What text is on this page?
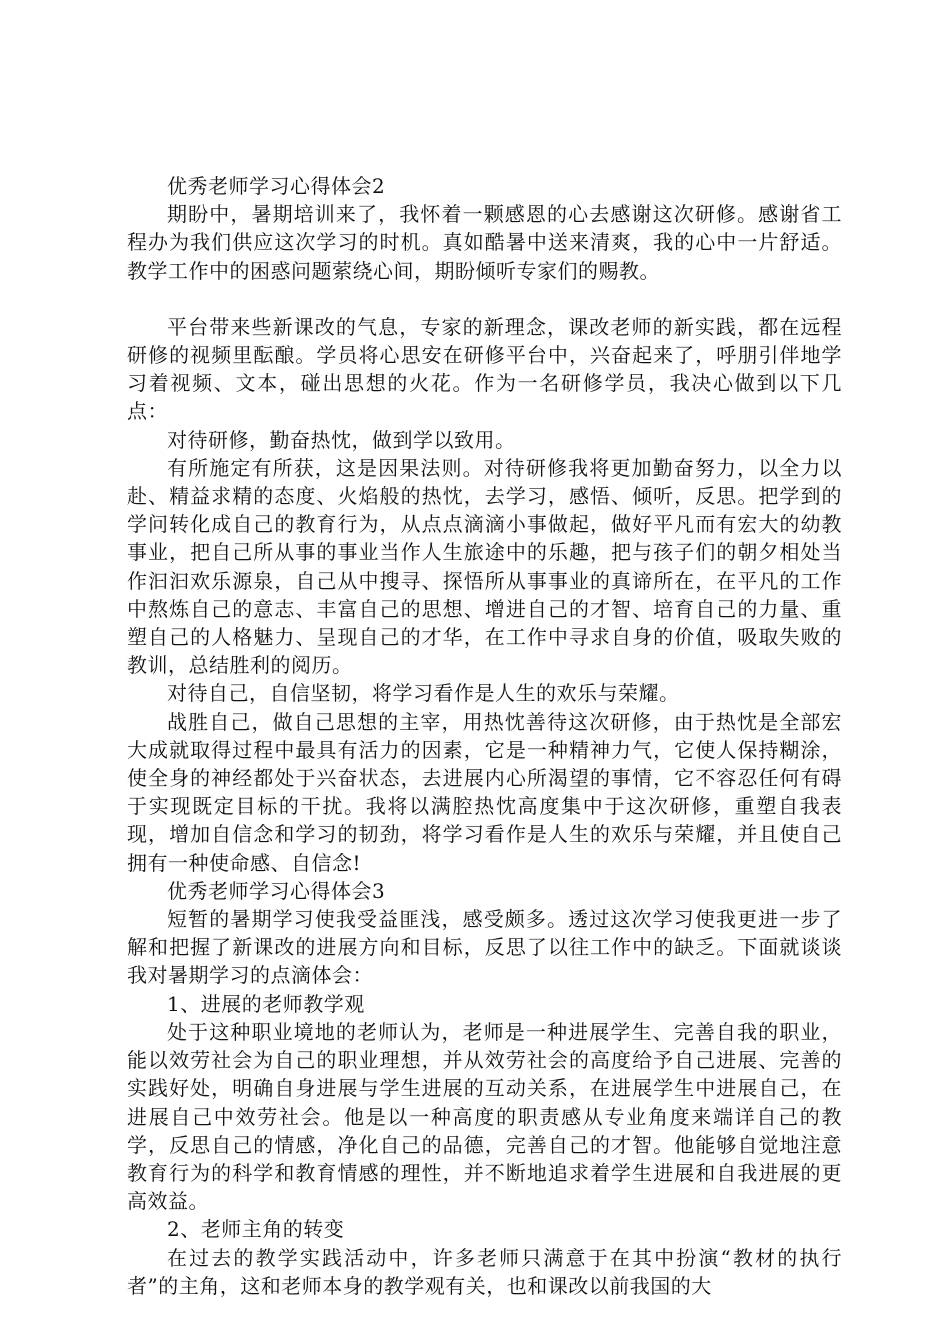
优秀老师学习心得体会2

期盼中，暑期培训来了，我怀着一颗感恩的心去感谢这次研修。感谢省工程办为我们供应这次学习的时机。真如酷暑中送来清爽，我的心中一片舒适。教学工作中的困惑问题萦绕心间，期盼倾听专家们的赐教。

平台带来些新课改的气息，专家的新理念，课改老师的新实践，都在远程研修的视频里酝酿。学员将心思安在研修平台中，兴奋起来了，呼朋引伴地学习着视频、文本，碰出思想的火花。作为一名研修学员，我决心做到以下几点：

对待研修，勤奋热忱，做到学以致用。

有所施定有所获，这是因果法则。对待研修我将更加勤奋努力，以全力以赴、精益求精的态度、火焰般的热忱，去学习，感悟、倾听，反思。把学到的学问转化成自己的教育行为，从点点滴滴小事做起，做好平凡而有宏大的幼教事业，把自己所从事的事业当作人生旅途中的乐趣，把与孩子们的朝夕相处当作汩汩欢乐源泉，自己从中搜寻、探悟所从事事业的真谛所在，在平凡的工作中熬炼自己的意志、丰富自己的思想、增进自己的才智、培育自己的力量、重塑自己的人格魅力、呈现自己的才华，在工作中寻求自身的价值，吸取失败的教训，总结胜利的阅历。

对待自己，自信坚韧，将学习看作是人生的欢乐与荣耀。

战胜自己，做自己思想的主宰，用热忱善待这次研修，由于热忱是全部宏大成就取得过程中最具有活力的因素，它是一种精神力气，它使人保持糊涂，使全身的神经都处于兴奋状态，去进展内心所渴望的事情，它不容忍任何有碍于实现既定目标的干扰。我将以满腔热忱高度集中于这次研修，重塑自我表现，增加自信念和学习的韧劲，将学习看作是人生的欢乐与荣耀，并且使自己拥有一种使命感、自信念!

优秀老师学习心得体会3

短暂的暑期学习使我受益匪浅，感受颇多。透过这次学习使我更进一步了解和把握了新课改的进展方向和目标，反思了以往工作中的缺乏。下面就谈谈我对暑期学习的点滴体会：

1、进展的老师教学观

处于这种职业境地的老师认为，老师是一种进展学生、完善自我的职业，能以效劳社会为自己的职业理想，并从效劳社会的高度给予自己进展、完善的实践好处，明确自身进展与学生进展的互动关系，在进展学生中进展自己，在进展自己中效劳社会。他是以一种高度的职责感从专业角度来端详自己的教学，反思自己的情感，净化自己的品德，完善自己的才智。他能够自觉地注意教育行为的科学和教育情感的理性，并不断地追求着学生进展和自我进展的更高效益。

2、老师主角的转变

在过去的教学实践活动中，许多老师只满意于在其中扮演“教材的执行者”的主角，这和老师本身的教学观有关，也和课改以前我国的大
